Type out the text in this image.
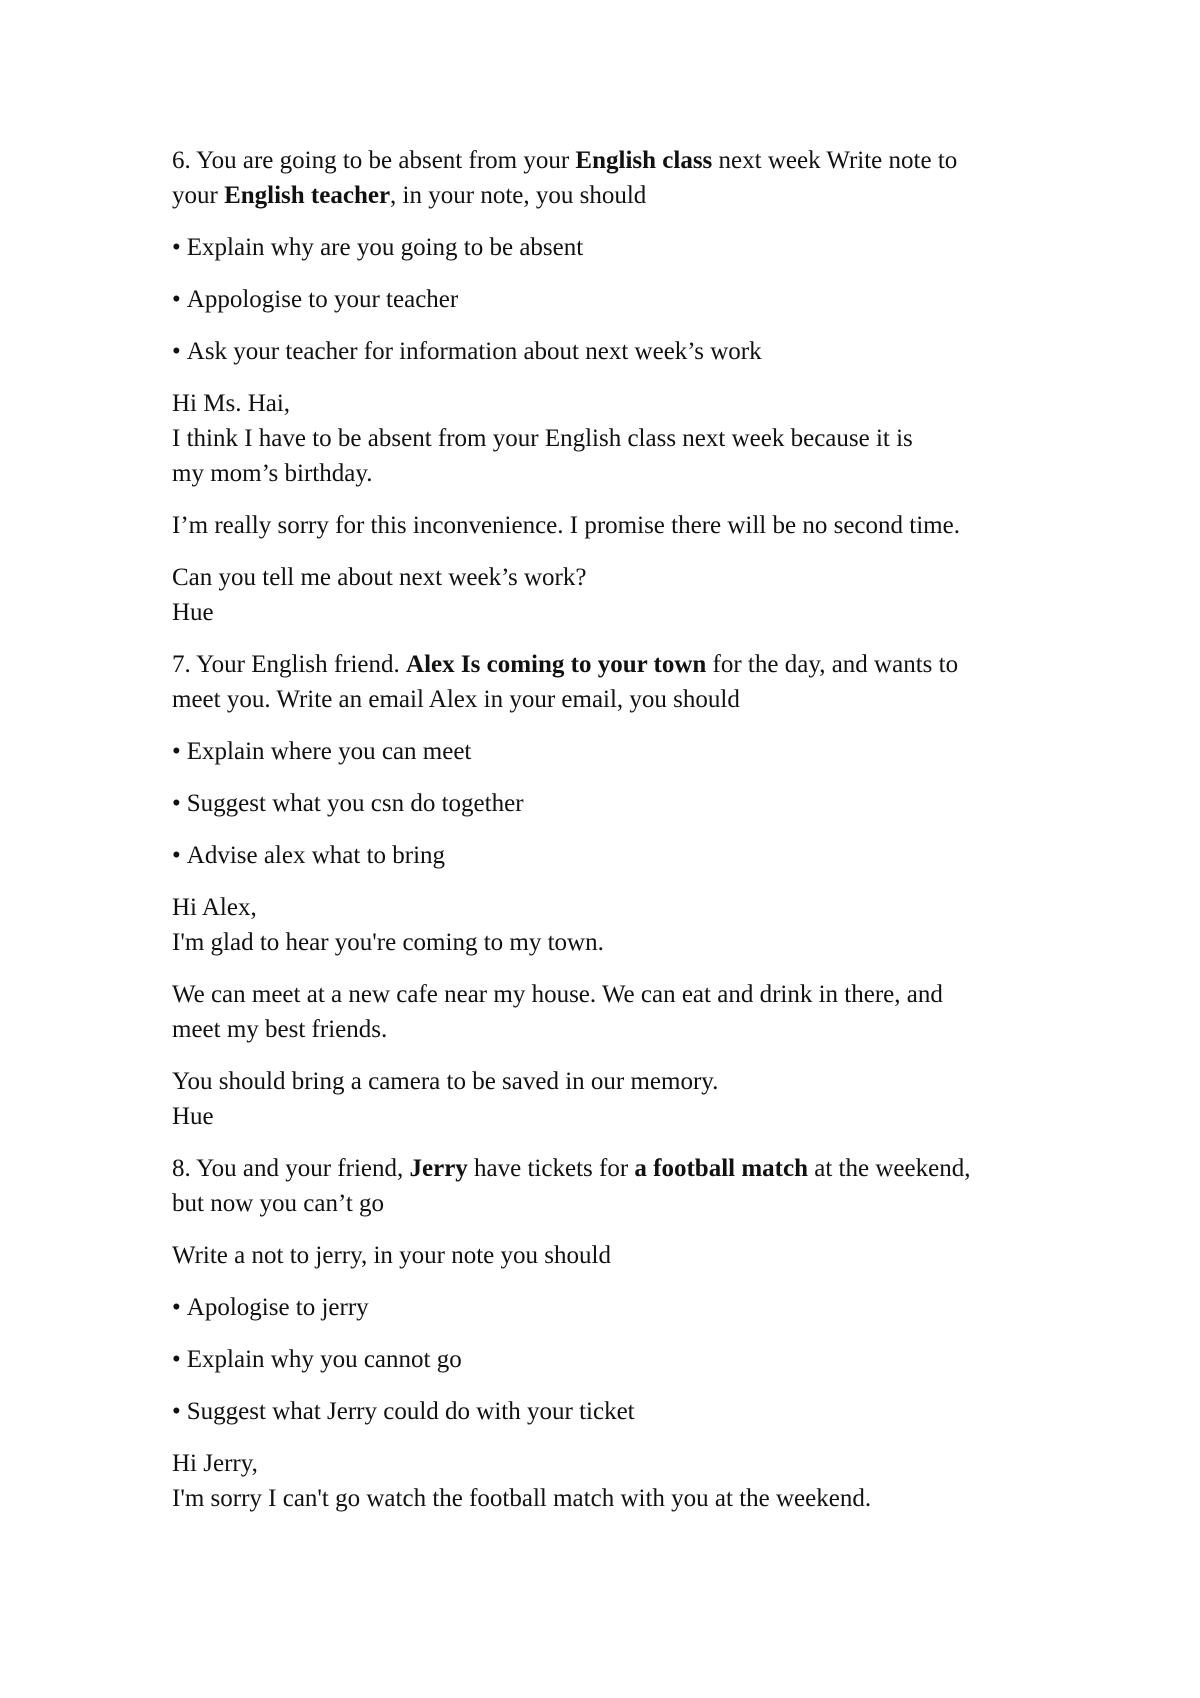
6. You are going to be absent from your English class next week Write note to
your English teacher, in your note, you should
• Explain why are you going to be absent
• Appologise to your teacher
• Ask your teacher for information about next week’s work
Hi Ms. Hai,
I think I have to be absent from your English class next week because it is
my mom’s birthday.
I’m really sorry for this inconvenience. I promise there will be no second time.
Can you tell me about next week’s work?
Hue
7. Your English friend. Alex Is coming to your town for the day, and wants to
meet you. Write an email Alex in your email, you should
• Explain where you can meet
• Suggest what you csn do together
• Advise alex what to bring
Hi Alex,
I'm glad to hear you're coming to my town.
We can meet at a new cafe near my house. We can eat and drink in there, and
meet my best friends.
You should bring a camera to be saved in our memory.
Hue
8. You and your friend, Jerry have tickets for a football match at the weekend,
but now you can’t go
Write a not to jerry, in your note you should
• Apologise to jerry
• Explain why you cannot go
• Suggest what Jerry could do with your ticket
Hi Jerry,
I'm sorry I can't go watch the football match with you at the weekend.
